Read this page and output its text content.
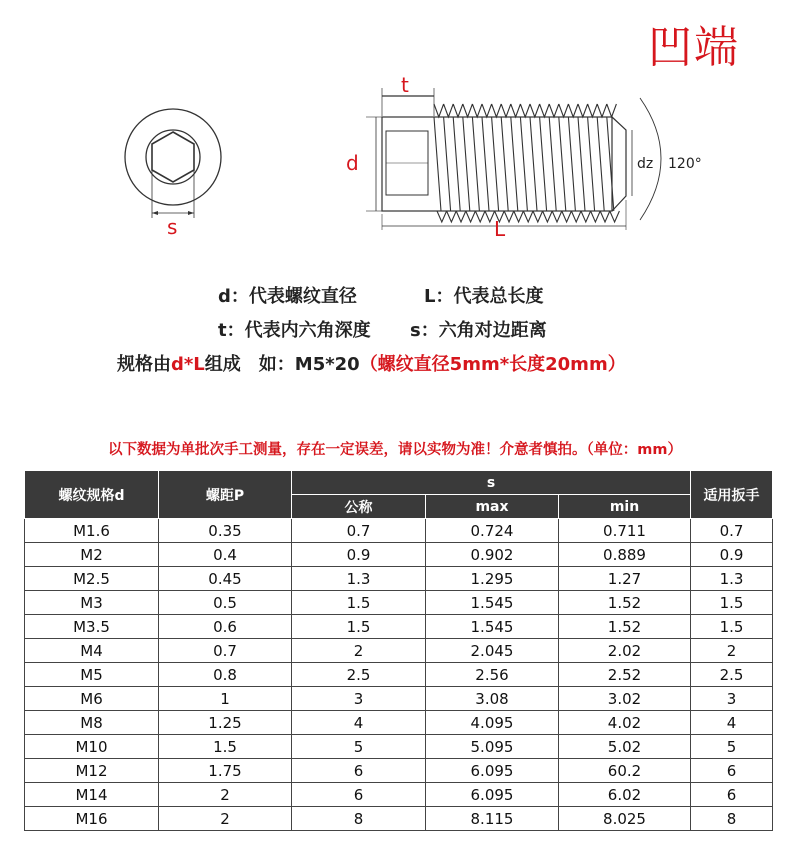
凹端
s
t
d
L
dz 120°
d：代表螺纹直径	L：代表总长度
t：代表内六角深度 s：六角对边距离
规格由d*L组成　如：M5*20（螺纹直径5mm*长度20mm）
以下数据为单批次手工测量，存在一定误差，请以实物为准！介意者慎拍。（单位：mm）
螺纹规格d	螺距P	s			适用扳手
		公称	max	min	
M1.6	0.35	0.7	0.724	0.711	0.7
M2	0.4	0.9	0.902	0.889	0.9
M2.5	0.45	1.3	1.295	1.27	1.3
M3	0.5	1.5	1.545	1.52	1.5
M3.5	0.6	1.5	1.545	1.52	1.5
M4	0.7	2	2.045	2.02	2
M5	0.8	2.5	2.56	2.52	2.5
M6	1	3	3.08	3.02	3
M8	1.25	4	4.095	4.02	4
M10	1.5	5	5.095	5.02	5
M12	1.75	6	6.095	60.2	6
M14	2	6	6.095	6.02	6
M16	2	8	8.115	8.025	8
